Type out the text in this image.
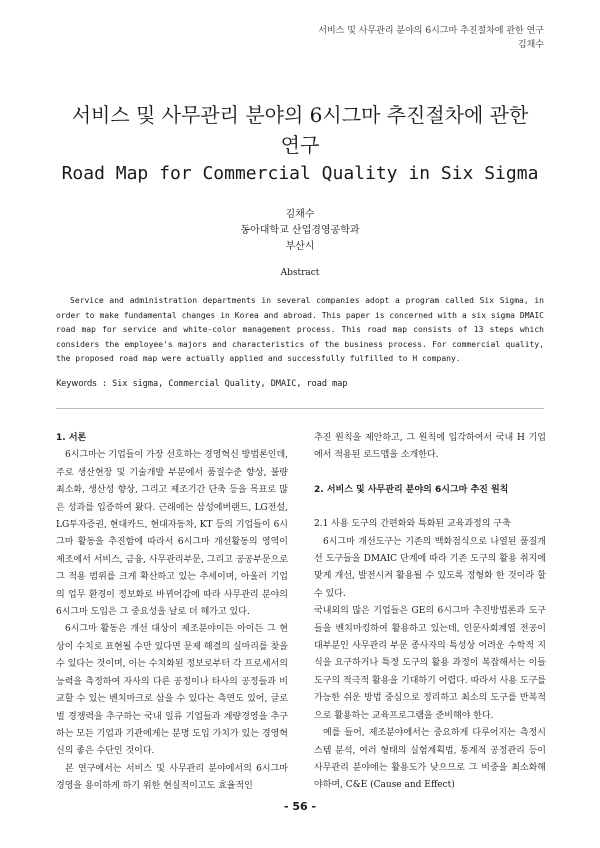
서비스 및 사무관리 분야의 6시그마 추진절차에 관한 연구
김채수
서비스 및 사무관리 분야의 6시그마 추진절차에 관한
연구
Road Map for Commercial Quality in Six Sigma
김채수
동아대학교 산업경영공학과
부산시
Abstract
Service and administration departments in several companies adopt a program called Six Sigma, in order to make fundamental changes in Korea and abroad. This paper is concerned with a six sigma DMAIC road map for service and white-color management process. This road map consists of 13 steps which considers the employee's majors and characteristics of the business process. For commercial quality, the proposed road map were actually applied and successfully fulfilled to H company.
Keywords : Six sigma, Commercial Quality, DMAIC, road map

1. 서론

6시그마는 기업들이 가장 선호하는 경영혁신 방법론인데, 주로 생산현장 및 기술개발 부분에서 품질수준 향상, 불량 최소화, 생산성 향상, 그리고 제조기간 단축 등을 목표로 많은 성과를 입증하여 왔다. 근래에는 삼성에버랜드, LG전설, LG투자증권, 현대카드, 현대자동차, KT 등의 기업들이 6시그마 활동을 추진함에 따라서 6시그마 개선활동의 영역이 제조에서 서비스, 금융, 사무관리부문, 그리고 공공부문으로 그 적용 범위를 크게 확산하고 있는 추세이며, 아울러 기업의 업무 환경이 정보화로 바뀌어감에 따라 사무관리 분야의 6시그마 도입은 그 중요성을 날로 더 해가고 있다.

6시그마 활동은 개선 대상이 제조분야이든 아이든 그 현상이 수치로 표현될 수만 있다면 문제 해결의 실마리를 찾을 수 있다는 것이며, 이는 수치화된 정보로부터 각 프로세서의 능력을 측정하여 자사의 다른 공정이나 타사의 공정들과 비교할 수 있는 벤치마크로 삼을 수 있다는 측면도 있어, 글로벌 경쟁력을 추구하는 국내 일류 기업들과 계량경영을 추구하는 모든 기업과 기관에게는 분명 도입 가치가 있는 경영혁신의 좋은 수단인 것이다.

본 연구에서는 서비스 및 사무관리 분야에서의 6시그마 경영을 용이하게 하기 위한 현실적이고도 효율적인

추진 원칙을 제안하고, 그 원칙에 입각하여서 국내 H 기업에서 적용된 로드맵을 소개한다.

2. 서비스 및 사무관리 분야의 6시그마 추진 원칙

2.1 사용 도구의 간편화와 특화된 교육과정의 구축

6시그마 개선도구는 기존의 백화점식으로 나열된 품질개선 도구들을 DMAIC 단계에 따라 기존 도구의 활용 취지에 맞게 개선, 발전시켜 활용될 수 있도록 정형화 한 것이라 할 수 있다.

국내외의 많은 기업들은 GE의 6시그마 추진방법론과 도구들을 벤치마킹하여 활용하고 있는데, 인문사회계열 전공이 대부분인 사무관리 부문 종사자의 특성상 어려운 수학적 지식을 요구하거나 특정 도구의 활용 과정이 복잡해서는 이들 도구의 적극적 활용을 기대하기 어렵다. 따라서 사용 도구를 가능한 쉬운 방법 중심으로 정리하고 최소의 도구를 반복적으로 활용하는 교육프로그램을 준비해야 한다.

예를 들어, 제조분야에서는 중요하게 다루어지는 측정시스템 분석, 여러 형태의 실험계획법, 통계적 공정관리 등이 사무관리 분야에는 활용도가 낮으므로 그 비중을 최소화해야하며, C&E (Cause and Effect)

- 56 -
